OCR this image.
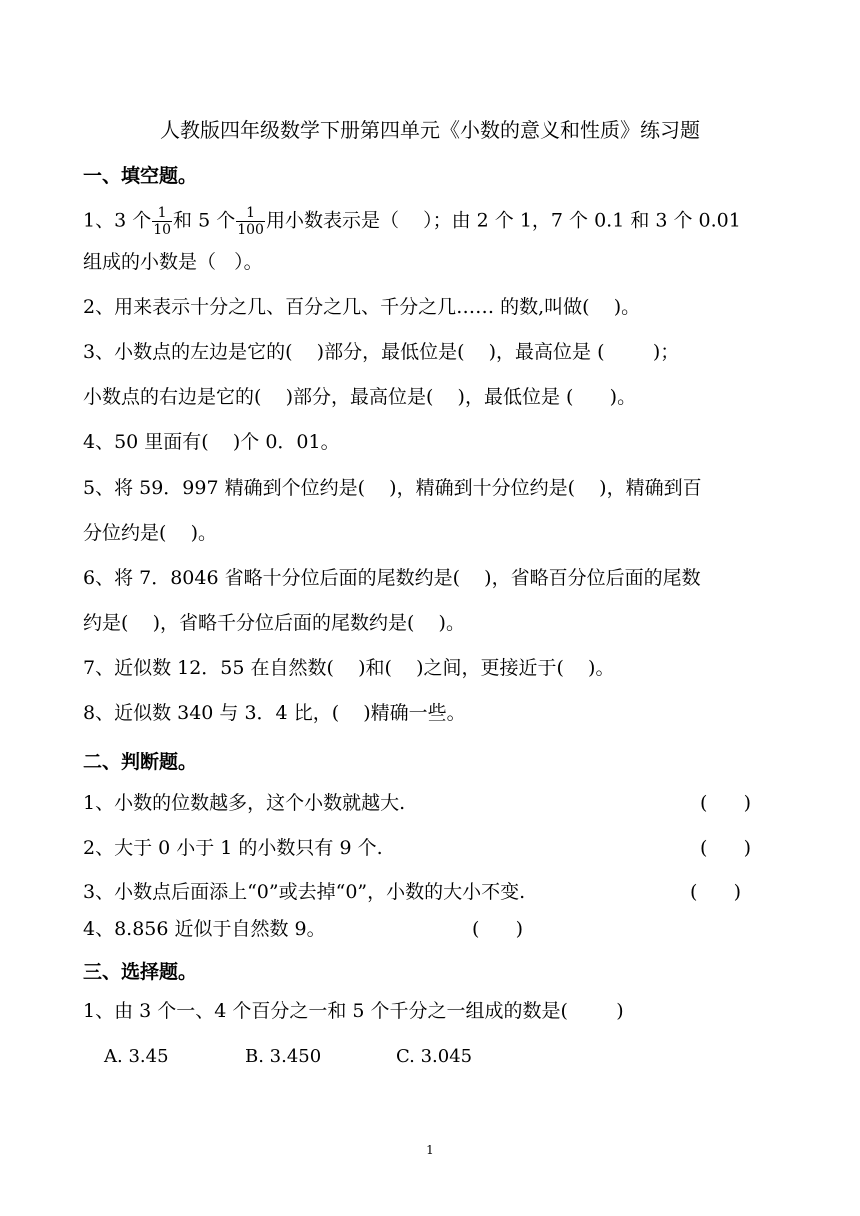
人教版四年级数学下册第四单元《小数的意义和性质》练习题
一、填空题。
1、3 个 $\frac{1}{10}$ 和 5 个 $\frac{1}{100}$ 用小数表示是（    ）；由 2 个 1，7 个 0.1 和 3 个 0.01
组成的小数是（   ）。
2、用来表示十分之几、百分之几、千分之几…… 的数,叫做(    )。
3、小数点的左边是它的(    )部分，最低位是(    )，最高位是 (        )；
小数点的右边是它的(    )部分，最高位是(    )，最低位是 (      )。
4、50 里面有(    )个 0．01。
5、将 59．997 精确到个位约是(    )，精确到十分位约是(    )，精确到百
分位约是(    )。
6、将 7．8046 省略十分位后面的尾数约是(    )，省略百分位后面的尾数
约是(    )，省略千分位后面的尾数约是(    )。
7、近似数 12．55 在自然数(    )和(    )之间，更接近于(    )。
8、近似数 340 与 3．4 比，(    )精确一些。
二、判断题。
1、小数的位数越多，这个小数就越大.	(      )
2、大于 0 小于 1 的小数只有 9 个.	(      )
3、小数点后面添上“0”或去掉“0”，小数的大小不变.	(      )
4、8.856 近似于自然数 9。	(      )
三、选择题。
1、由 3 个一、4 个百分之一和 5 个千分之一组成的数是(        )
A. 3.45	B. 3.450	C. 3.045
1
